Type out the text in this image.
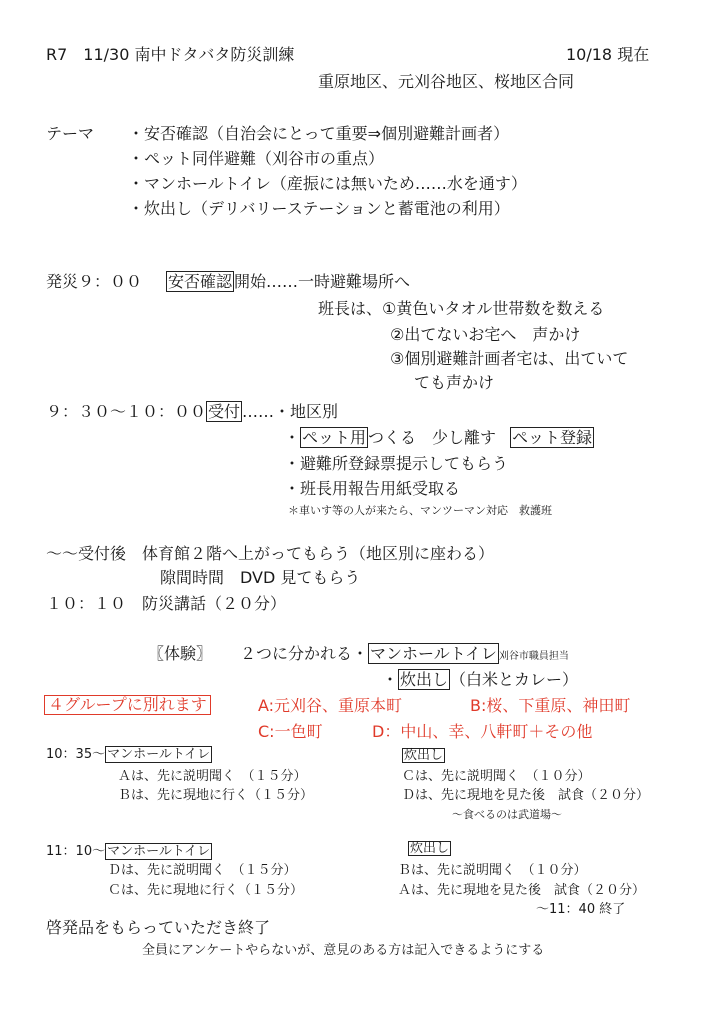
R7　11/30 南中ドタバタ防災訓練	10/18 現在
重原地区、元刈谷地区、桜地区合同
テーマ ・安否確認（自治会にとって重要⇒個別避難計画者）
・ペット同伴避難（刈谷市の重点）
・マンホールトイレ（産振には無いため……水を通す）
・炊出し（デリバリーステーションと蓄電池の利用）
発災９：００ 安否確認 開始……一時避難場所へ
班長は、①黄色いタオル世帯数を数える
②出てないお宅へ　声かけ
③個別避難計画者宅は、出ていて
ても声かけ
９：３０～１０：００ 受付 ……・地区別
・ ペット用 つくる　少し離す ペット登録
・避難所登録票提示してもらう
・班長用報告用紙受取る
＊車いす等の人が来たら、マンツーマン対応　救護班
～～受付後　体育館２階へ上がってもらう（地区別に座わる）
隙間時間　DVD 見てもらう
１０：１０　防災講話（２０分）
〖体験〗 ２つに分かれる・ マンホールトイレ 刈谷市職員担当
・ 炊出し （白米とカレー）
４グループに別れます	A:元刈谷、重原本町	B:桜、下重原、神田町
C:一色町	D：中山、幸、八軒町＋その他
10：35～ マンホールトイレ
Ａは、先に説明聞く　（１５分）
Ｂは、先に現地に行く（１５分）
炊出し
Ｃは、先に説明聞く　（１０分）
Ｄは、先に現地を見た後　試食（２０分）
～食べるのは武道場～
11：10～ マンホールトイレ
Ｄは、先に説明聞く　（１５分）
Ｃは、先に現地に行く（１５分）
炊出し
Ｂは、先に説明聞く　（１０分）
Ａは、先に現地を見た後　試食（２０分）
～11：40 終了
啓発品をもらっていただき終了
全員にアンケートやらないが、意見のある方は記入できるようにする
